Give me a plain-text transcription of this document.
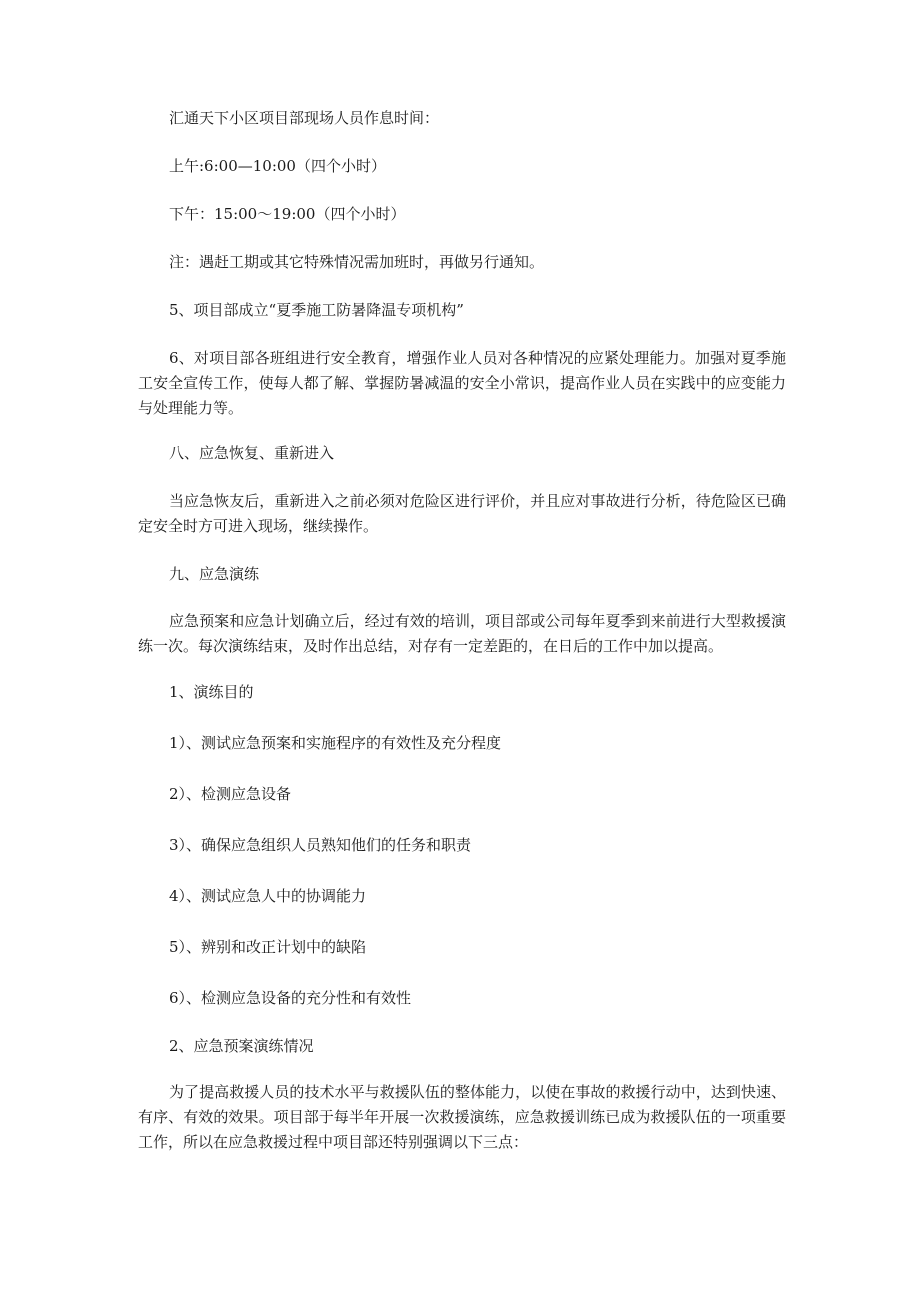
汇通天下小区项目部现场人员作息时间：

上午:6:00—10:00（四个小时）

下午：15:00～19:00（四个小时）

注：遇赶工期或其它特殊情况需加班时，再做另行通知。

5、项目部成立“夏季施工防暑降温专项机构”

6、对项目部各班组进行安全教育，增强作业人员对各种情况的应紧处理能力。加强对夏季施工安全宣传工作，使每人都了解、掌握防暑减温的安全小常识，提高作业人员在实践中的应变能力与处理能力等。

八、应急恢复、重新进入

当应急恢友后，重新进入之前必须对危险区进行评价，并且应对事故进行分析，待危险区已确定安全时方可进入现场，继续操作。

九、应急演练

应急预案和应急计划确立后，经过有效的培训，项目部或公司每年夏季到来前进行大型救援演练一次。每次演练结束，及时作出总结，对存有一定差距的，在日后的工作中加以提高。

1、演练目的

1）、测试应急预案和实施程序的有效性及充分程度

2）、检测应急设备

3）、确保应急组织人员熟知他们的任务和职责

4）、测试应急人中的协调能力

5）、辨别和改正计划中的缺陷

6）、检测应急设备的充分性和有效性

2、应急预案演练情况

为了提高救援人员的技术水平与救援队伍的整体能力，以使在事故的救援行动中，达到快速、有序、有效的效果。项目部于每半年开展一次救援演练，应急救援训练已成为救援队伍的一项重要工作，所以在应急救援过程中项目部还特别强调以下三点：
